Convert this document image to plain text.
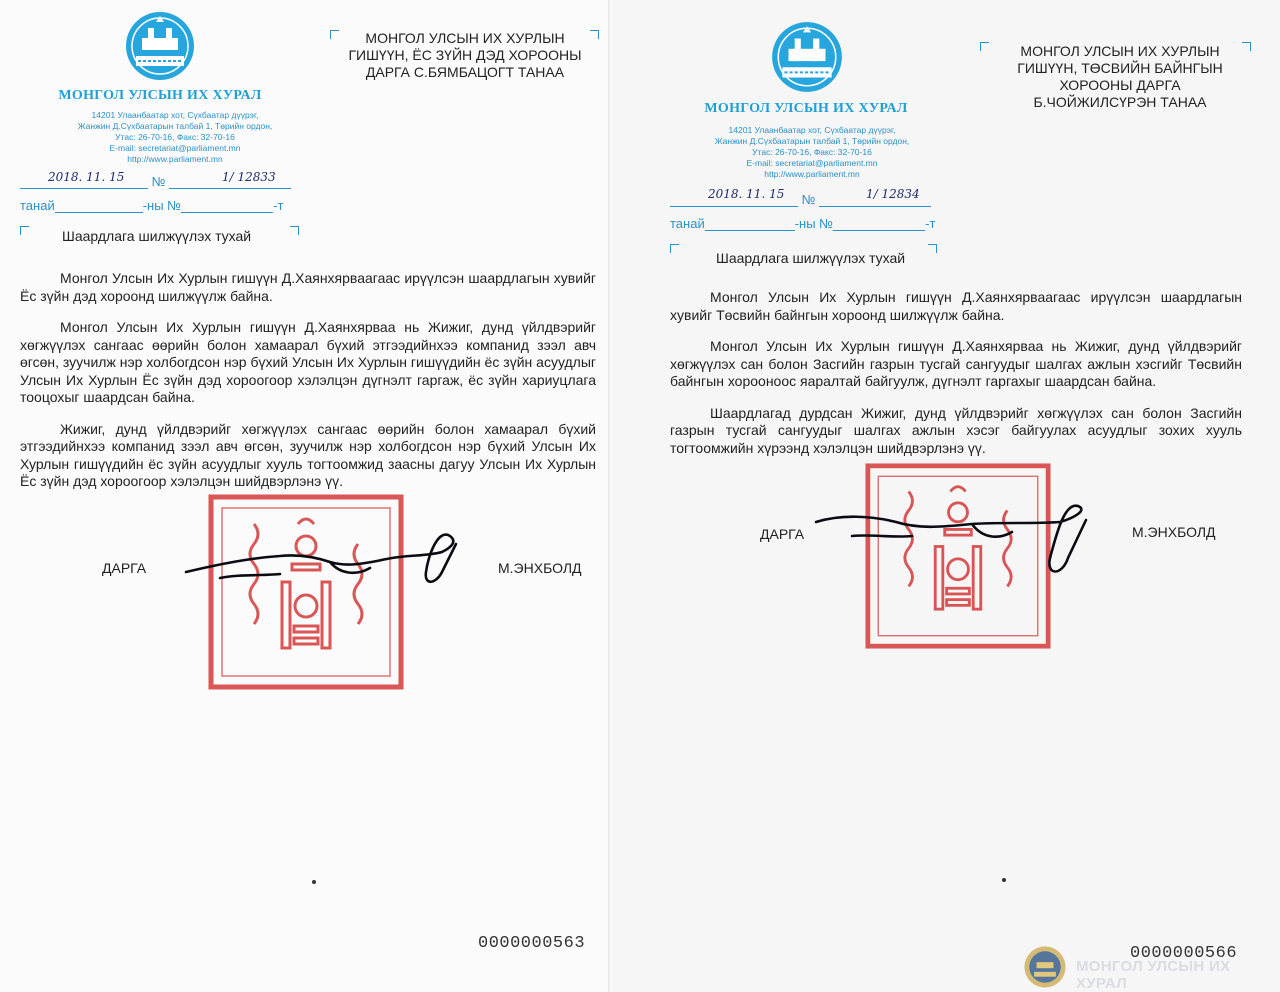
МОНГОЛ УЛСЫН ИХ ХУРАЛ
14201 Улаанбаатар хот, Сүхбаатар дүүрэг,
Жанжин Д.Сүхбаатарын талбай 1, Төрийн ордон,
Утас: 26-70-16, Факс: 32-70-16
E-mail: secretariat@parliament.mn
http://www.parliament.mn
МОНГОЛ УЛСЫН ИХ ХУРЛЫН
ГИШҮҮН, ЁС ЗҮЙН ДЭД ХОРООНЫ
ДАРГА С.БЯМБАЦОГТ ТАНАА
№
2018. 11. 15	1/ 12833
танай	-ны №	-т
Шаардлага шилжүүлэх тухай

Монгол Улсын Их Хурлын гишүүн Д.Хаянхярваагаас ирүүлсэн шаардлагын хувийг Ёс зүйн дэд хороонд шилжүүлж байна.

Монгол Улсын Их Хурлын гишүүн Д.Хаянхярваа нь Жижиг, дунд үйлдвэрийг хөгжүүлэх сангаас өөрийн болон хамаарал бүхий этгээдийнхээ компанид зээл авч өгсөн, зуучилж нэр холбогдсон нэр бүхий Улсын Их Хурлын гишүүдийн ёс зүйн асуудлыг Улсын Их Хурлын Ёс зүйн дэд хороогоор хэлэлцэн дүгнэлт гаргаж, ёс зүйн хариуцлага тооцохыг шаардсан байна.

Жижиг, дунд үйлдвэрийг хөгжүүлэх сангаас өөрийн болон хамаарал бүхий этгээдийнхээ компанид зээл авч өгсөн, зуучилж нэр холбогдсон нэр бүхий Улсын Их Хурлын гишүүдийн ёс зүйн асуудлыг хууль тогтоомжид заасны дагуу Улсын Их Хурлын Ёс зүйн дэд хороогоор хэлэлцэн шийдвэрлэнэ үү.

ДАРГА	М.ЭНХБОЛД
0000000563
МОНГОЛ УЛСЫН ИХ ХУРАЛ
14201 Улаанбаатар хот, Сүхбаатар дүүрэг,
Жанжин Д.Сүхбаатарын талбай 1, Төрийн ордон,
Утас: 26-70-16, Факс: 32-70-16
E-mail: secretariat@parliament.mn
http://www.parliament.mn
МОНГОЛ УЛСЫН ИХ ХУРЛЫН
ГИШҮҮН, ТӨСВИЙН БАЙНГЫН
ХОРООНЫ ДАРГА
Б.ЧОЙЖИЛСҮРЭН ТАНАА
№
2018. 11. 15	1/ 12834
танай	-ны №	-т
Шаардлага шилжүүлэх тухай

Монгол Улсын Их Хурлын гишүүн Д.Хаянхярваагаас ирүүлсэн шаардлагын хувийг Төсвийн байнгын хороонд шилжүүлж байна.

Монгол Улсын Их Хурлын гишүүн Д.Хаянхярваа нь Жижиг, дунд үйлдвэрийг хөгжүүлэх сан болон Засгийн газрын тусгай сангуудыг шалгах ажлын хэсгийг Төсвийн байнгын хорооноос яаралтай байгуулж, дүгнэлт гаргахыг шаардсан байна.

Шаардлагад дурдсан Жижиг, дунд үйлдвэрийг хөгжүүлэх сан болон Засгийн газрын тусгай сангуудыг шалгах ажлын хэсэг байгуулах асуудлыг зохих хууль тогтоомжийн хүрээнд хэлэлцэн шийдвэрлэнэ үү.

ДАРГА	М.ЭНХБОЛД
0000000566
МОНГОЛ УЛСЫН ИХ ХУРАЛ
